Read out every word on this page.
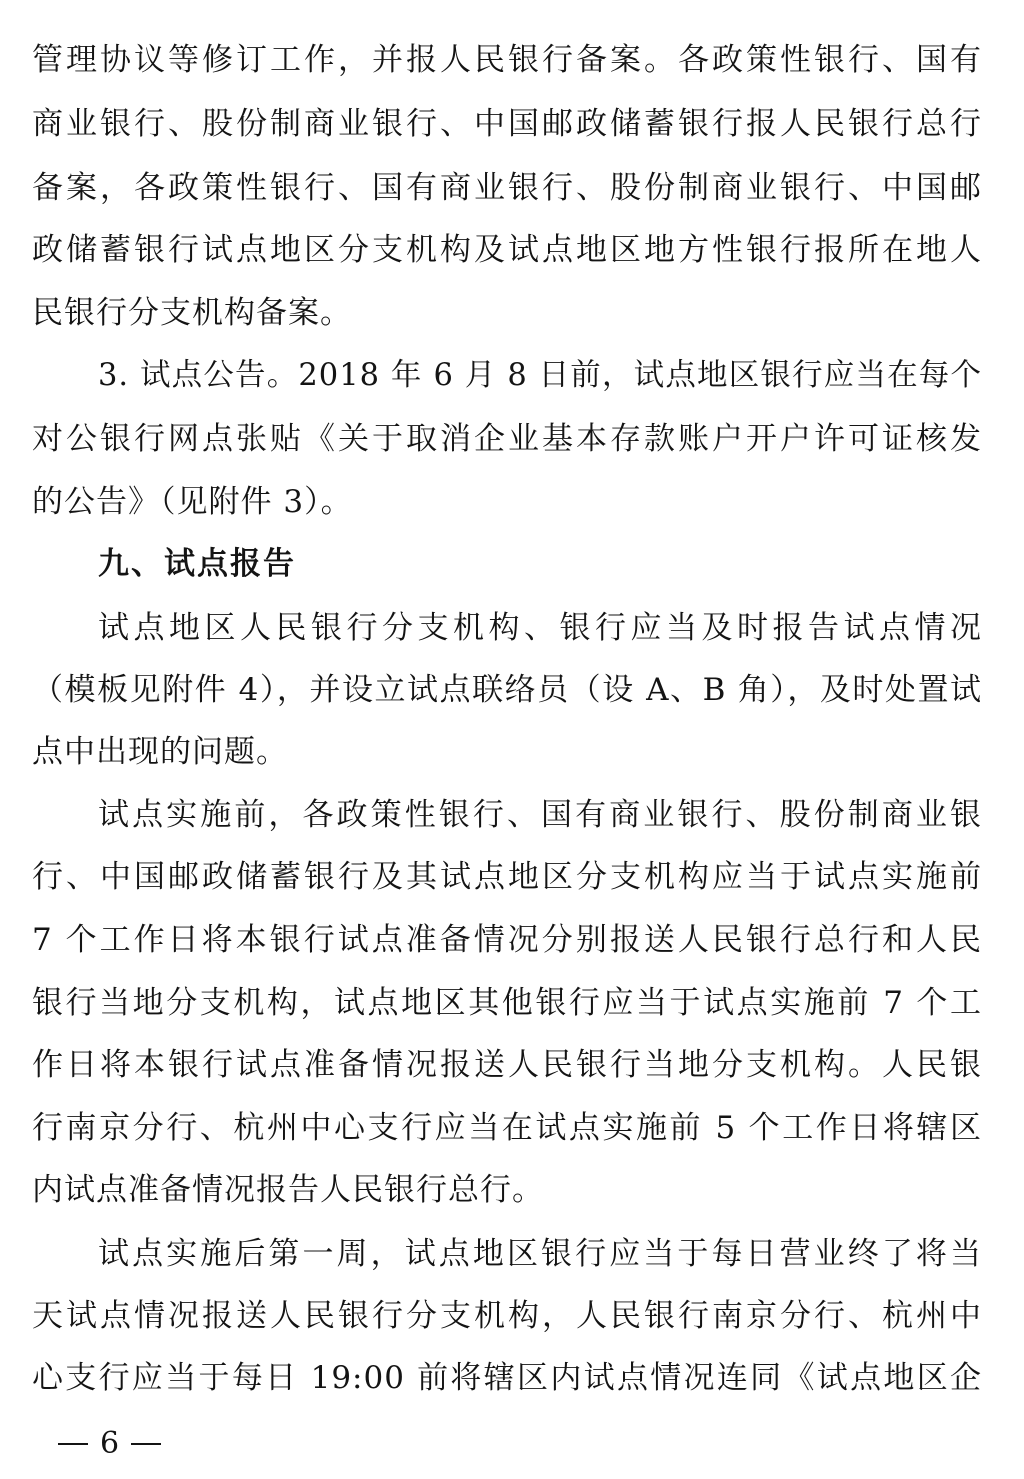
管理协议等修订工作，并报人民银行备案。各政策性银行、国有
商业银行、股份制商业银行、中国邮政储蓄银行报人民银行总行
备案，各政策性银行、国有商业银行、股份制商业银行、中国邮
政储蓄银行试点地区分支机构及试点地区地方性银行报所在地人
民银行分支机构备案。
3. 试点公告。2018 年 6 月 8 日前，试点地区银行应当在每个
对公银行网点张贴《关于取消企业基本存款账户开户许可证核发
的公告》（见附件 3）。
九、试点报告
试点地区人民银行分支机构、银行应当及时报告试点情况
（模板见附件 4），并设立试点联络员（设 A、B 角），及时处置试
点中出现的问题。
试点实施前，各政策性银行、国有商业银行、股份制商业银
行、中国邮政储蓄银行及其试点地区分支机构应当于试点实施前
7 个工作日将本银行试点准备情况分别报送人民银行总行和人民
银行当地分支机构，试点地区其他银行应当于试点实施前 7 个工
作日将本银行试点准备情况报送人民银行当地分支机构。人民银
行南京分行、杭州中心支行应当在试点实施前 5 个工作日将辖区
内试点准备情况报告人民银行总行。
试点实施后第一周，试点地区银行应当于每日营业终了将当
天试点情况报送人民银行分支机构，人民银行南京分行、杭州中
心支行应当于每日 19:00 前将辖区内试点情况连同《试点地区企
6
